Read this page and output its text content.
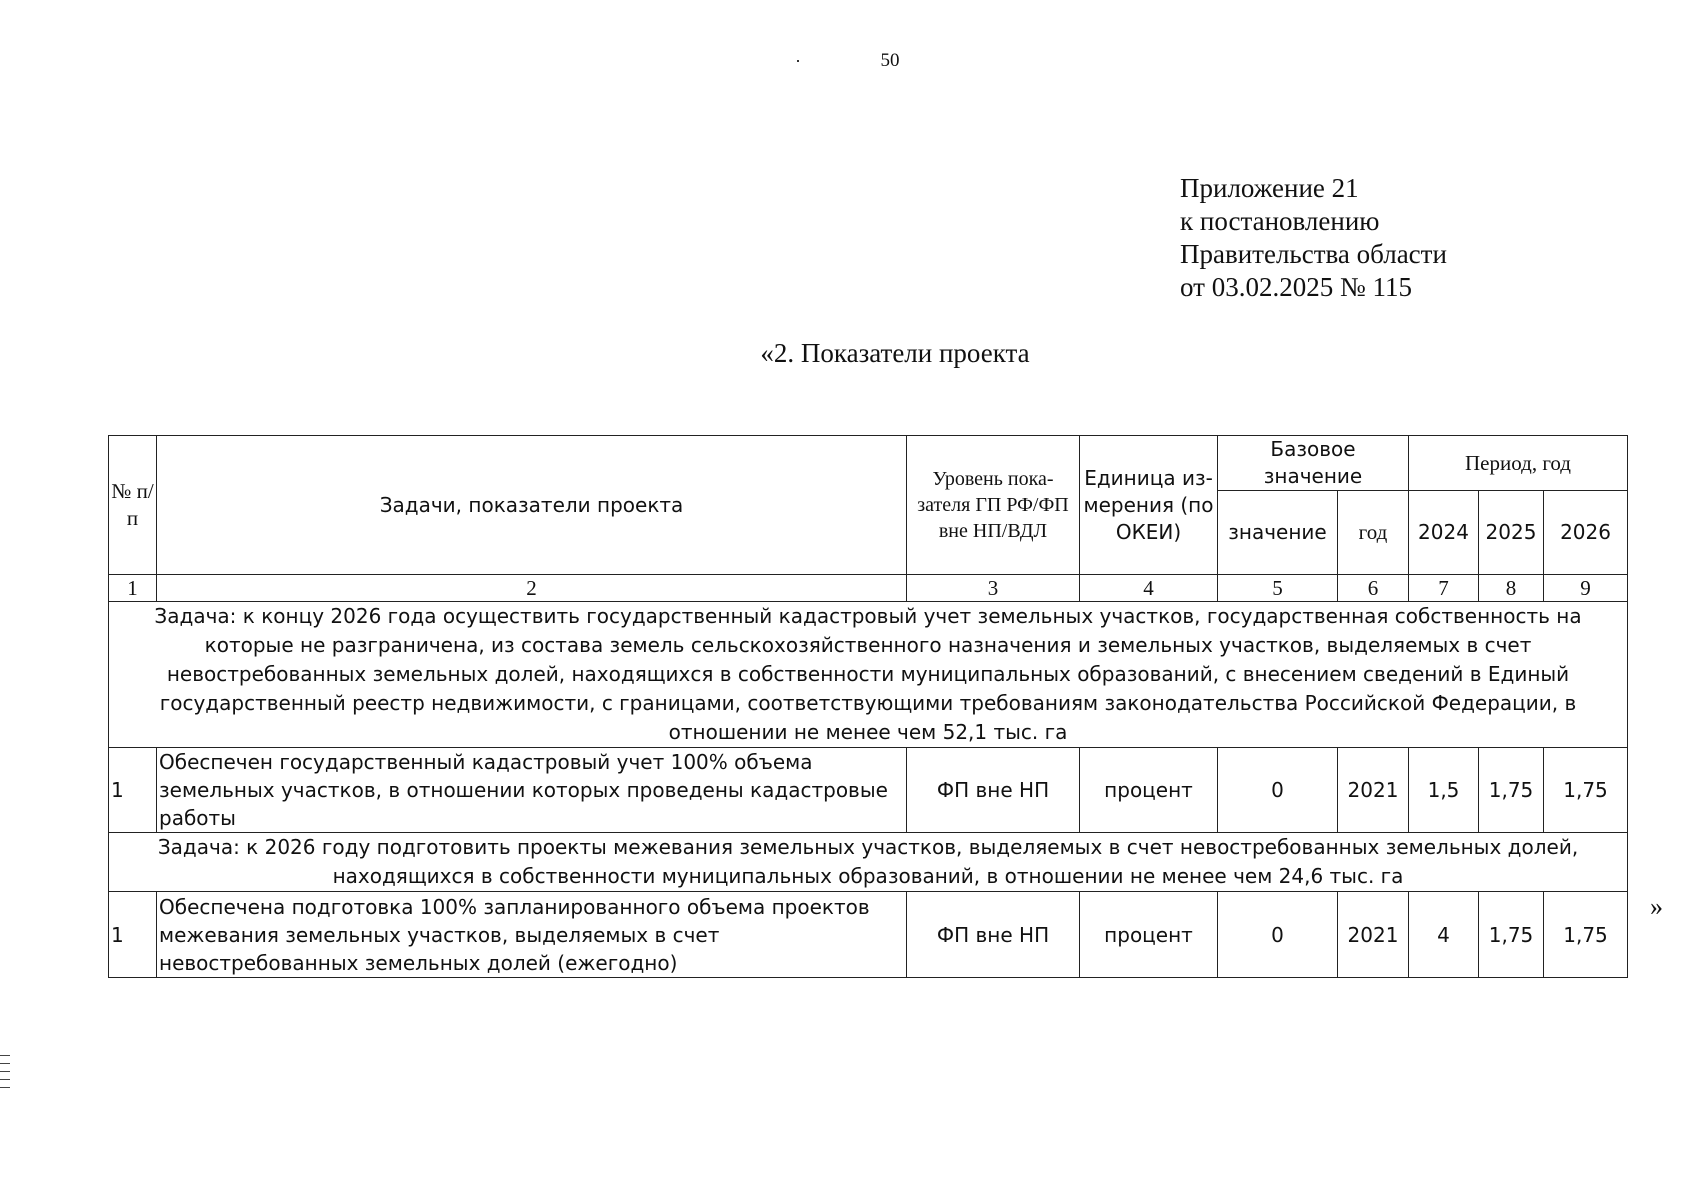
50
Приложение 21
к постановлению
Правительства области
от 03.02.2025 № 115
«2. Показатели проекта
№ п/п	Задачи, показатели проекта	Уровень пока-зателя ГП РФ/ФП вне НП/ВДЛ	Единица из-мерения (по ОКЕИ)	Базовое значение		Период, год		
				значение	год	2024	2025	2026
1	2	3	4	5	6	7	8	9
Задача: к концу 2026 года осуществить государственный кадастровый учет земельных участков, государственная собственность на которые не разграничена, из состава земель сельскохозяйственного назначения и земельных участков, выделяемых в счет невостребованных земельных долей, находящихся в собственности муниципальных образований, с внесением сведений в Единый государственный реестр недвижимости, с границами, соответствующими требованиям законодательства Российской Федерации, в отношении не менее чем 52,1 тыс. га								
1	Обеспечен государственный кадастровый учет 100% объема земельных участков, в отношении которых проведены кадастровые работы	ФП вне НП	процент	0	2021	1,5	1,75	1,75
Задача: к 2026 году подготовить проекты межевания земельных участков, выделяемых в счет невостребованных земельных долей, находящихся в собственности муниципальных образований, в отношении не менее чем 24,6 тыс. га								
1	Обеспечена подготовка 100% запланированного объема проектов межевания земельных участков, выделяемых в счет невостребованных земельных долей (ежегодно)	ФП вне НП	процент	0	2021	4	1,75	1,75
»
